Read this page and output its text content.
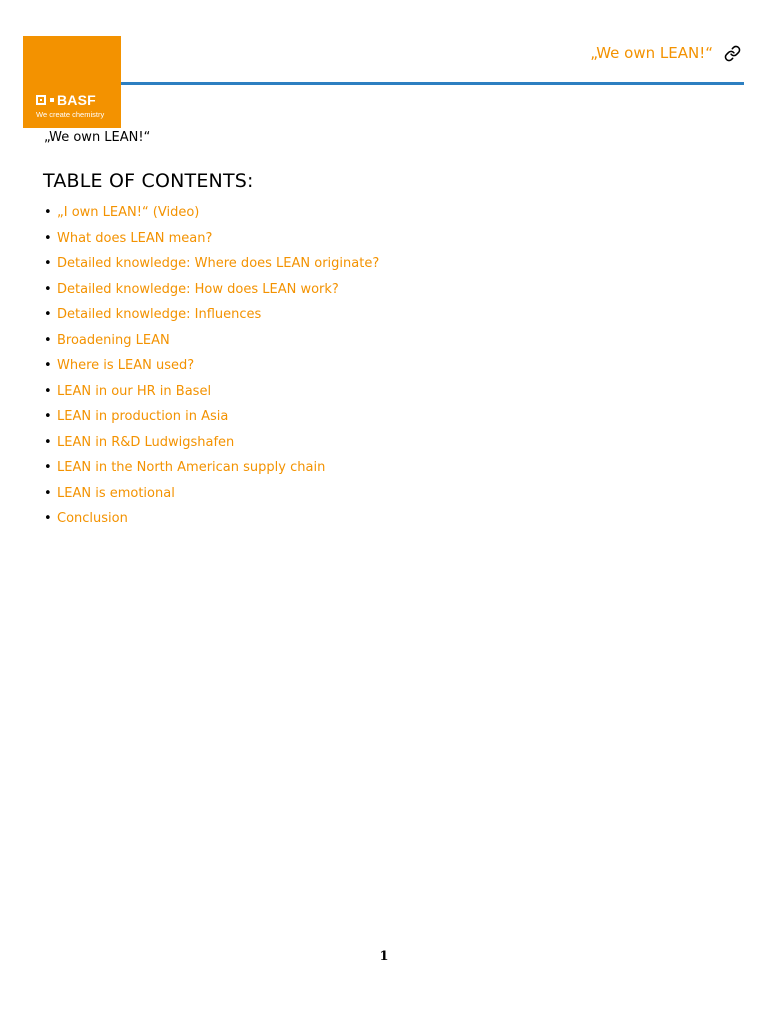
BASF
We create chemistry
„We own LEAN!“
„We own LEAN!“
TABLE OF CONTENTS:
• „I own LEAN!“ (Video)
• What does LEAN mean?
• Detailed knowledge: Where does LEAN originate?
• Detailed knowledge: How does LEAN work?
• Detailed knowledge: Influences
• Broadening LEAN
• Where is LEAN used?
• LEAN in our HR in Basel
• LEAN in production in Asia
• LEAN in R&D Ludwigshafen
• LEAN in the North American supply chain
• LEAN is emotional
• Conclusion
1
